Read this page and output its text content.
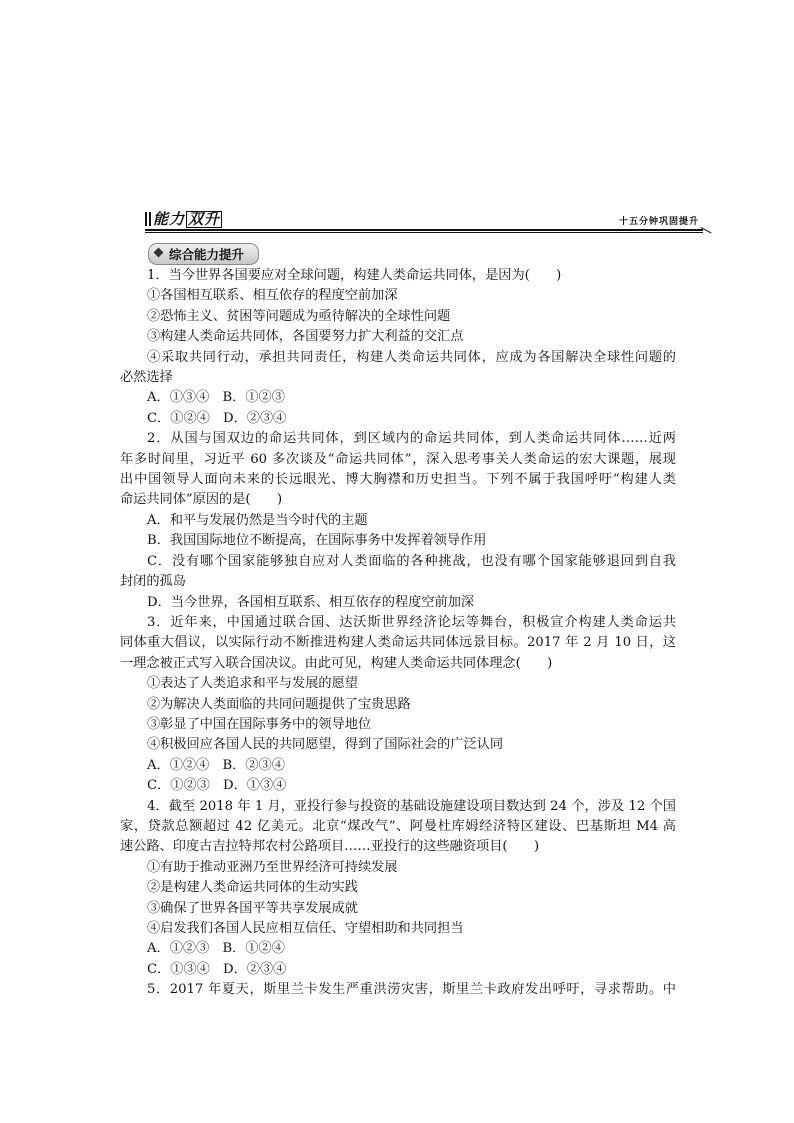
能力 双升	十五分钟巩固提升
综合能力提升

1．当今世界各国要应对全球问题，构建人类命运共同体，是因为(　　)

①各国相互联系、相互依存的程度空前加深

②恐怖主义、贫困等问题成为亟待解决的全球性问题

③构建人类命运共同体，各国要努力扩大利益的交汇点

④采取共同行动，承担共同责任，构建人类命运共同体，应成为各国解决全球性问题的

必然选择

A．①③④　B．①②③

C．①②④　D．②③④

2．从国与国双边的命运共同体，到区域内的命运共同体，到人类命运共同体……近两

年多时间里，习近平 60 多次谈及“命运共同体”，深入思考事关人类命运的宏大课题，展现

出中国领导人面向未来的长远眼光、博大胸襟和历史担当。下列不属于我国呼吁“构建人类

命运共同体”原因的是(　　)

A．和平与发展仍然是当今时代的主题

B．我国国际地位不断提高，在国际事务中发挥着领导作用

C．没有哪个国家能够独自应对人类面临的各种挑战，也没有哪个国家能够退回到自我

封闭的孤岛

D．当今世界，各国相互联系、相互依存的程度空前加深

3．近年来，中国通过联合国、达沃斯世界经济论坛等舞台，积极宣介构建人类命运共

同体重大倡议，以实际行动不断推进构建人类命运共同体远景目标。2017 年 2 月 10 日，这

一理念被正式写入联合国决议。由此可见，构建人类命运共同体理念(　　)

①表达了人类追求和平与发展的愿望

②为解决人类面临的共同问题提供了宝贵思路

③彰显了中国在国际事务中的领导地位

④积极回应各国人民的共同愿望，得到了国际社会的广泛认同

A．①②④　B．②③④

C．①②③　D．①③④

4．截至 2018 年 1 月，亚投行参与投资的基础设施建设项目数达到 24 个，涉及 12 个国

家，贷款总额超过 42 亿美元。北京“煤改气”、阿曼杜库姆经济特区建设、巴基斯坦 M4 高

速公路、印度古吉拉特邦农村公路项目……亚投行的这些融资项目(　　)

①有助于推动亚洲乃至世界经济可持续发展

②是构建人类命运共同体的生动实践

③确保了世界各国平等共享发展成就

④启发我们各国人民应相互信任、守望相助和共同担当

A．①②③　B．①②④

C．①③④　D．②③④

5．2017 年夏天，斯里兰卡发生严重洪涝灾害，斯里兰卡政府发出呼吁，寻求帮助。中
